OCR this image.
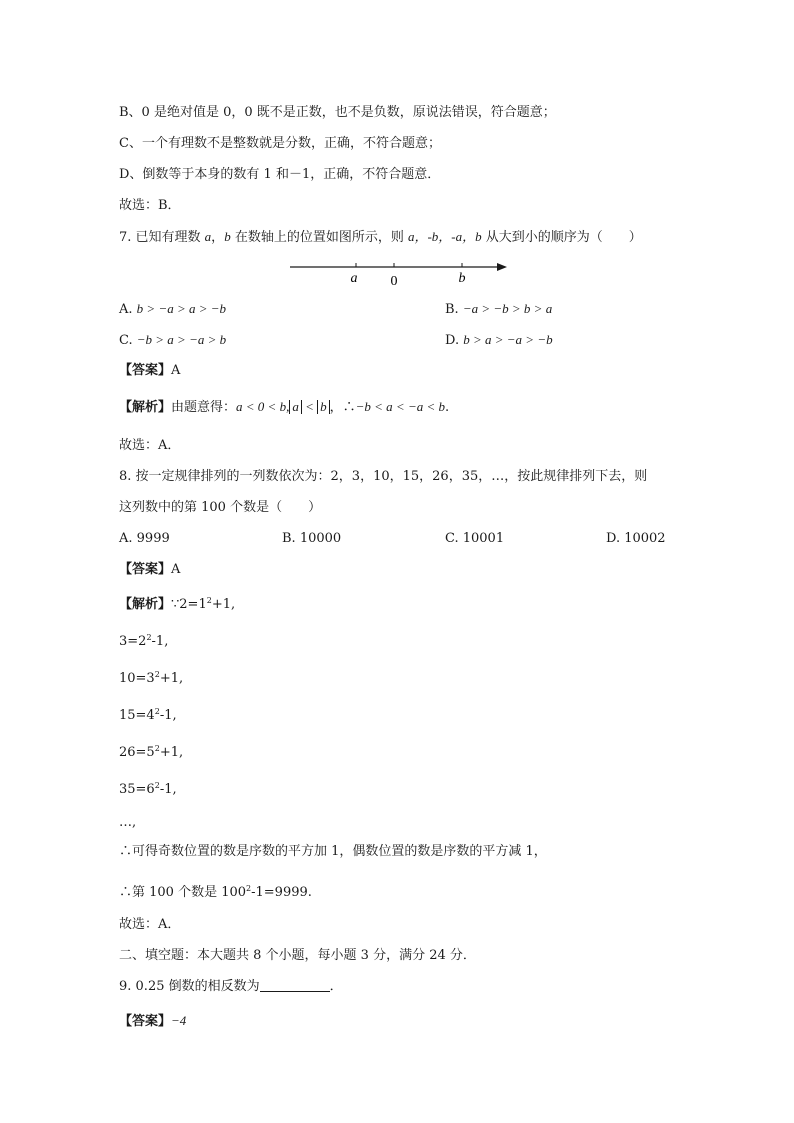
B、0 是绝对值是 0，0 既不是正数，也不是负数，原说法错误，符合题意；
C、一个有理数不是整数就是分数，正确，不符合题意；
D、倒数等于本身的数有 1 和－1，正确，不符合题意．
故选：B．
7. 已知有理数 a，b 在数轴上的位置如图所示，则 a，-b，-a，b 从大到小的顺序为（　　）
a 0	b
A. b > −a > a > −b	B. −a > −b > b > a
C. −b > a > −a > b	D. b > a > −a > −b
【答案】A
【解析】由题意得：a < 0 < b, a < b ，∴−b < a < −a < b.
故选：A．
8. 按一定规律排列的一列数依次为：2，3，10，15，26，35，…，按此规律排列下去，则
这列数中的第 100 个数是（　　）
A. 9999	B. 10000	C. 10001	D. 10002
【答案】A
【解析】$\because 2=1^2+1$,
$3=2^2-1$,
$10=3^2+1$,
$15=4^2-1$,
$26=5^2+1$,
$35=6^2-1$,
…,
∴可得奇数位置的数是序数的平方加 1，偶数位置的数是序数的平方减 1，
∴第 100 个数是 $100^2-1=9999$.
故选：A．
二、填空题：本大题共 8 个小题，每小题 3 分，满分 24 分．
9. 0.25 倒数的相反数为	．
【答案】−4
